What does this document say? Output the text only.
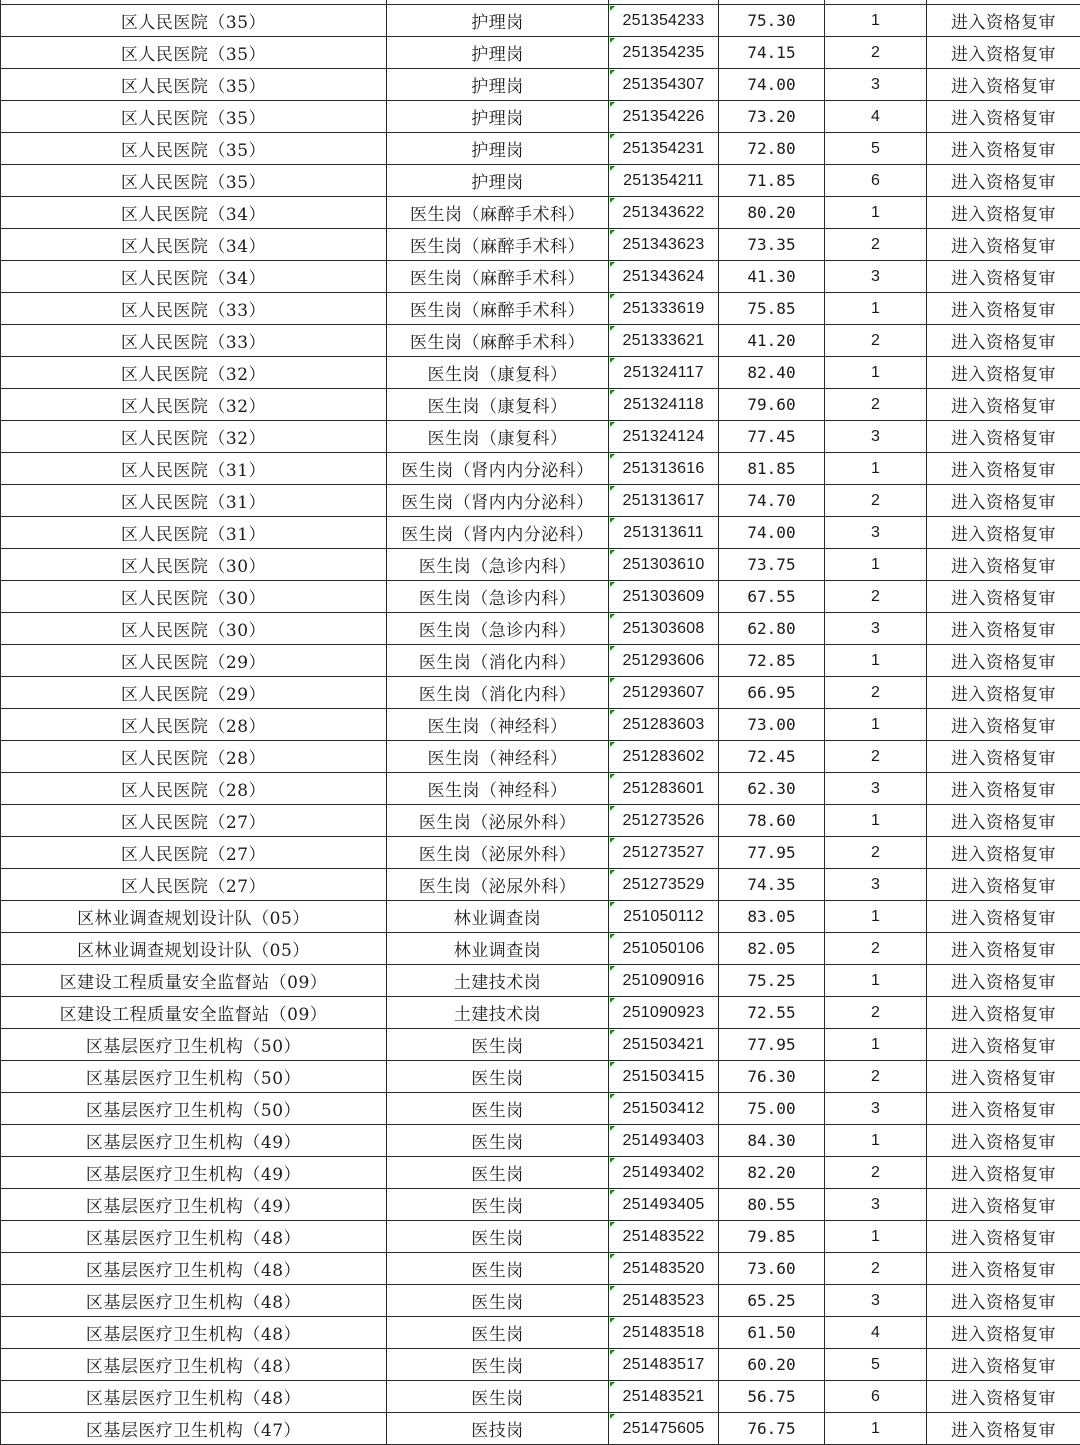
区人民医院（35）	护理岗	251354233	75.30	1	进入资格复审
区人民医院（35）	护理岗	251354235	74.15	2	进入资格复审
区人民医院（35）	护理岗	251354307	74.00	3	进入资格复审
区人民医院（35）	护理岗	251354226	73.20	4	进入资格复审
区人民医院（35）	护理岗	251354231	72.80	5	进入资格复审
区人民医院（35）	护理岗	251354211	71.85	6	进入资格复审
区人民医院（34）	医生岗（麻醉手术科）	251343622	80.20	1	进入资格复审
区人民医院（34）	医生岗（麻醉手术科）	251343623	73.35	2	进入资格复审
区人民医院（34）	医生岗（麻醉手术科）	251343624	41.30	3	进入资格复审
区人民医院（33）	医生岗（麻醉手术科）	251333619	75.85	1	进入资格复审
区人民医院（33）	医生岗（麻醉手术科）	251333621	41.20	2	进入资格复审
区人民医院（32）	医生岗（康复科）	251324117	82.40	1	进入资格复审
区人民医院（32）	医生岗（康复科）	251324118	79.60	2	进入资格复审
区人民医院（32）	医生岗（康复科）	251324124	77.45	3	进入资格复审
区人民医院（31）	医生岗（肾内内分泌科）	251313616	81.85	1	进入资格复审
区人民医院（31）	医生岗（肾内内分泌科）	251313617	74.70	2	进入资格复审
区人民医院（31）	医生岗（肾内内分泌科）	251313611	74.00	3	进入资格复审
区人民医院（30）	医生岗（急诊内科）	251303610	73.75	1	进入资格复审
区人民医院（30）	医生岗（急诊内科）	251303609	67.55	2	进入资格复审
区人民医院（30）	医生岗（急诊内科）	251303608	62.80	3	进入资格复审
区人民医院（29）	医生岗（消化内科）	251293606	72.85	1	进入资格复审
区人民医院（29）	医生岗（消化内科）	251293607	66.95	2	进入资格复审
区人民医院（28）	医生岗（神经科）	251283603	73.00	1	进入资格复审
区人民医院（28）	医生岗（神经科）	251283602	72.45	2	进入资格复审
区人民医院（28）	医生岗（神经科）	251283601	62.30	3	进入资格复审
区人民医院（27）	医生岗（泌尿外科）	251273526	78.60	1	进入资格复审
区人民医院（27）	医生岗（泌尿外科）	251273527	77.95	2	进入资格复审
区人民医院（27）	医生岗（泌尿外科）	251273529	74.35	3	进入资格复审
区林业调查规划设计队（05）	林业调查岗	251050112	83.05	1	进入资格复审
区林业调查规划设计队（05）	林业调查岗	251050106	82.05	2	进入资格复审
区建设工程质量安全监督站（09）	土建技术岗	251090916	75.25	1	进入资格复审
区建设工程质量安全监督站（09）	土建技术岗	251090923	72.55	2	进入资格复审
区基层医疗卫生机构（50）	医生岗	251503421	77.95	1	进入资格复审
区基层医疗卫生机构（50）	医生岗	251503415	76.30	2	进入资格复审
区基层医疗卫生机构（50）	医生岗	251503412	75.00	3	进入资格复审
区基层医疗卫生机构（49）	医生岗	251493403	84.30	1	进入资格复审
区基层医疗卫生机构（49）	医生岗	251493402	82.20	2	进入资格复审
区基层医疗卫生机构（49）	医生岗	251493405	80.55	3	进入资格复审
区基层医疗卫生机构（48）	医生岗	251483522	79.85	1	进入资格复审
区基层医疗卫生机构（48）	医生岗	251483520	73.60	2	进入资格复审
区基层医疗卫生机构（48）	医生岗	251483523	65.25	3	进入资格复审
区基层医疗卫生机构（48）	医生岗	251483518	61.50	4	进入资格复审
区基层医疗卫生机构（48）	医生岗	251483517	60.20	5	进入资格复审
区基层医疗卫生机构（48）	医生岗	251483521	56.75	6	进入资格复审
区基层医疗卫生机构（47）	医技岗	251475605	76.75	1	进入资格复审
